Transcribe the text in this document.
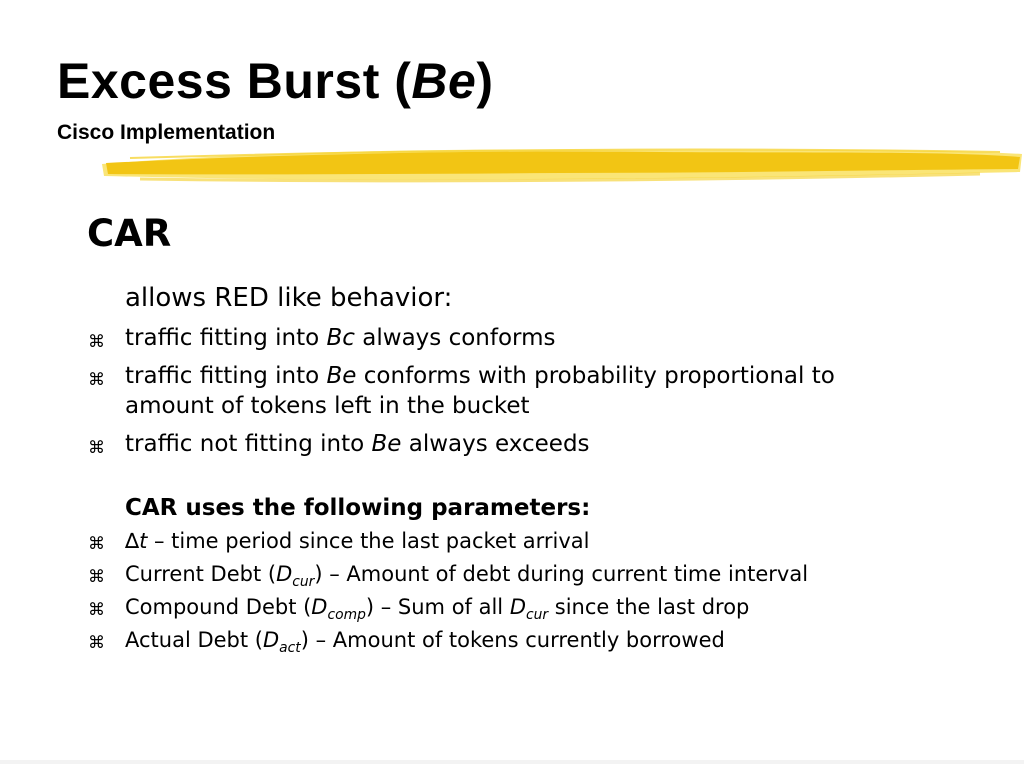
Excess Burst (Be)
Cisco Implementation
CAR
allows RED like behavior:
⌘ traffic fitting into Bc always conforms
⌘ traffic fitting into Be conforms with probability proportional to amount of tokens left in the bucket
⌘ traffic not fitting into Be always exceeds
CAR uses the following parameters:
⌘ ∆t – time period since the last packet arrival
⌘ Current Debt $(D_{cur})$ – Amount of debt during current time interval
⌘ Compound Debt $(D_{comp})$ – Sum of all $D_{cur}$ since the last drop
⌘ Actual Debt $(D_{act})$ – Amount of tokens currently borrowed
